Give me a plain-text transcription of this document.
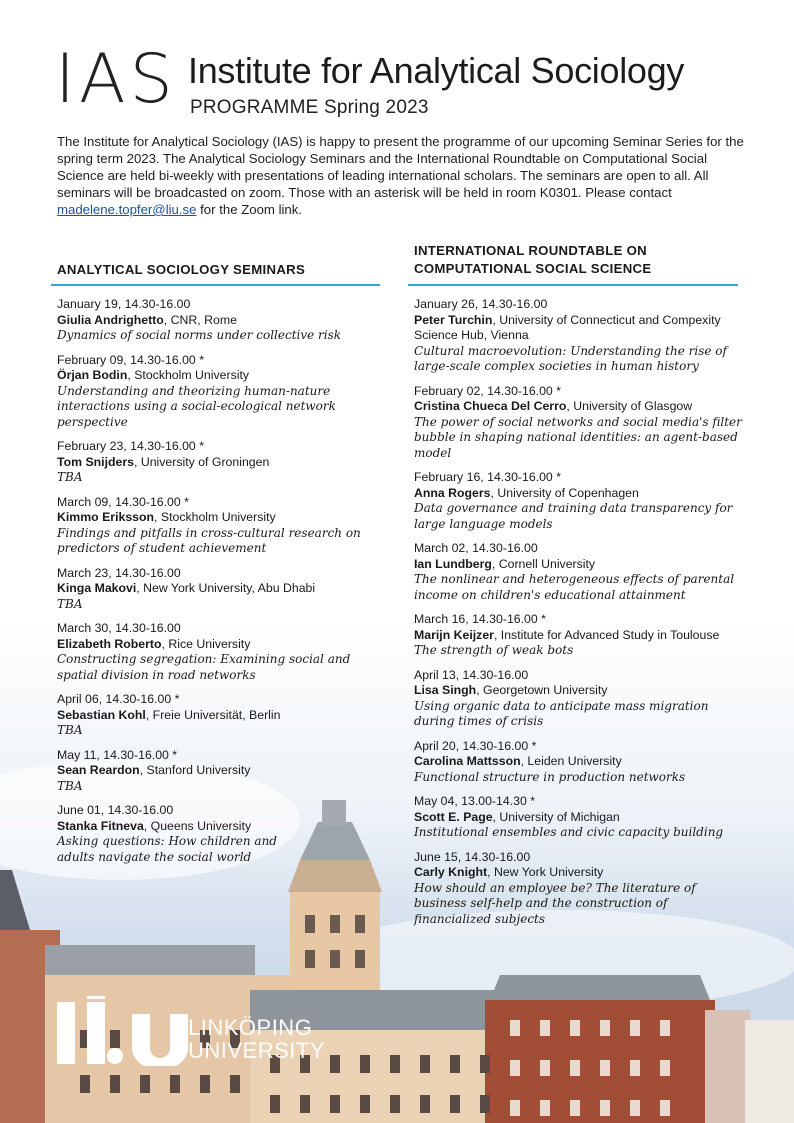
IAS Institute for Analytical Sociology
PROGRAMME Spring 2023
The Institute for Analytical Sociology (IAS) is happy to present the programme of our upcoming Seminar Series for the spring term 2023. The Analytical Sociology Seminars and the International Roundtable on Computational Social Science are held bi-weekly with presentations of leading international scholars. The seminars are open to all. All seminars will be broadcasted on zoom. Those with an asterisk will be held in room K0301. Please contact madelene.topfer@liu.se for the Zoom link.
ANALYTICAL SOCIOLOGY SEMINARS
INTERNATIONAL ROUNDTABLE ON
COMPUTATIONAL SOCIAL SCIENCE
January 19, 14.30-16.00
Giulia Andrighetto, CNR, Rome
Dynamics of social norms under collective risk
February 09, 14.30-16.00 *
Örjan Bodin, Stockholm University
Understanding and theorizing human-nature interactions using a social-ecological network perspective
February 23, 14.30-16.00 *
Tom Snijders, University of Groningen
TBA
March 09, 14.30-16.00 *
Kimmo Eriksson, Stockholm University
Findings and pitfalls in cross-cultural research on predictors of student achievement
March 23, 14.30-16.00
Kinga Makovi, New York University, Abu Dhabi
TBA
March 30, 14.30-16.00
Elizabeth Roberto, Rice University
Constructing segregation: Examining social and spatial division in road networks
April 06, 14.30-16.00 *
Sebastian Kohl, Freie Universität, Berlin
TBA
May 11, 14.30-16.00 *
Sean Reardon, Stanford University
TBA
June 01, 14.30-16.00
Stanka Fitneva, Queens University
Asking questions: How children and adults navigate the social world
January 26, 14.30-16.00
Peter Turchin, University of Connecticut and Compexity Science Hub, Vienna
Cultural macroevolution: Understanding the rise of large-scale complex societies in human history
February 02, 14.30-16.00 *
Cristina Chueca Del Cerro, University of Glasgow
The power of social networks and social media's filter bubble in shaping national identities: an agent-based model
February 16, 14.30-16.00 *
Anna Rogers, University of Copenhagen
Data governance and training data transparency for large language models
March 02, 14.30-16.00
Ian Lundberg, Cornell University
The nonlinear and heterogeneous effects of parental income on children's educational attainment
March 16, 14.30-16.00 *
Marijn Keijzer, Institute for Advanced Study in Toulouse
The strength of weak bots
April 13, 14.30-16.00
Lisa Singh, Georgetown University
Using organic data to anticipate mass migration during times of crisis
April 20, 14.30-16.00 *
Carolina Mattsson, Leiden University
Functional structure in production networks
May 04, 13.00-14.30 *
Scott E. Page, University of Michigan
Institutional ensembles and civic capacity building
June 15, 14.30-16.00
Carly Knight, New York University
How should an employee be? The literature of business self-help and the construction of financialized subjects
LINKÖPING
UNIVERSITY
